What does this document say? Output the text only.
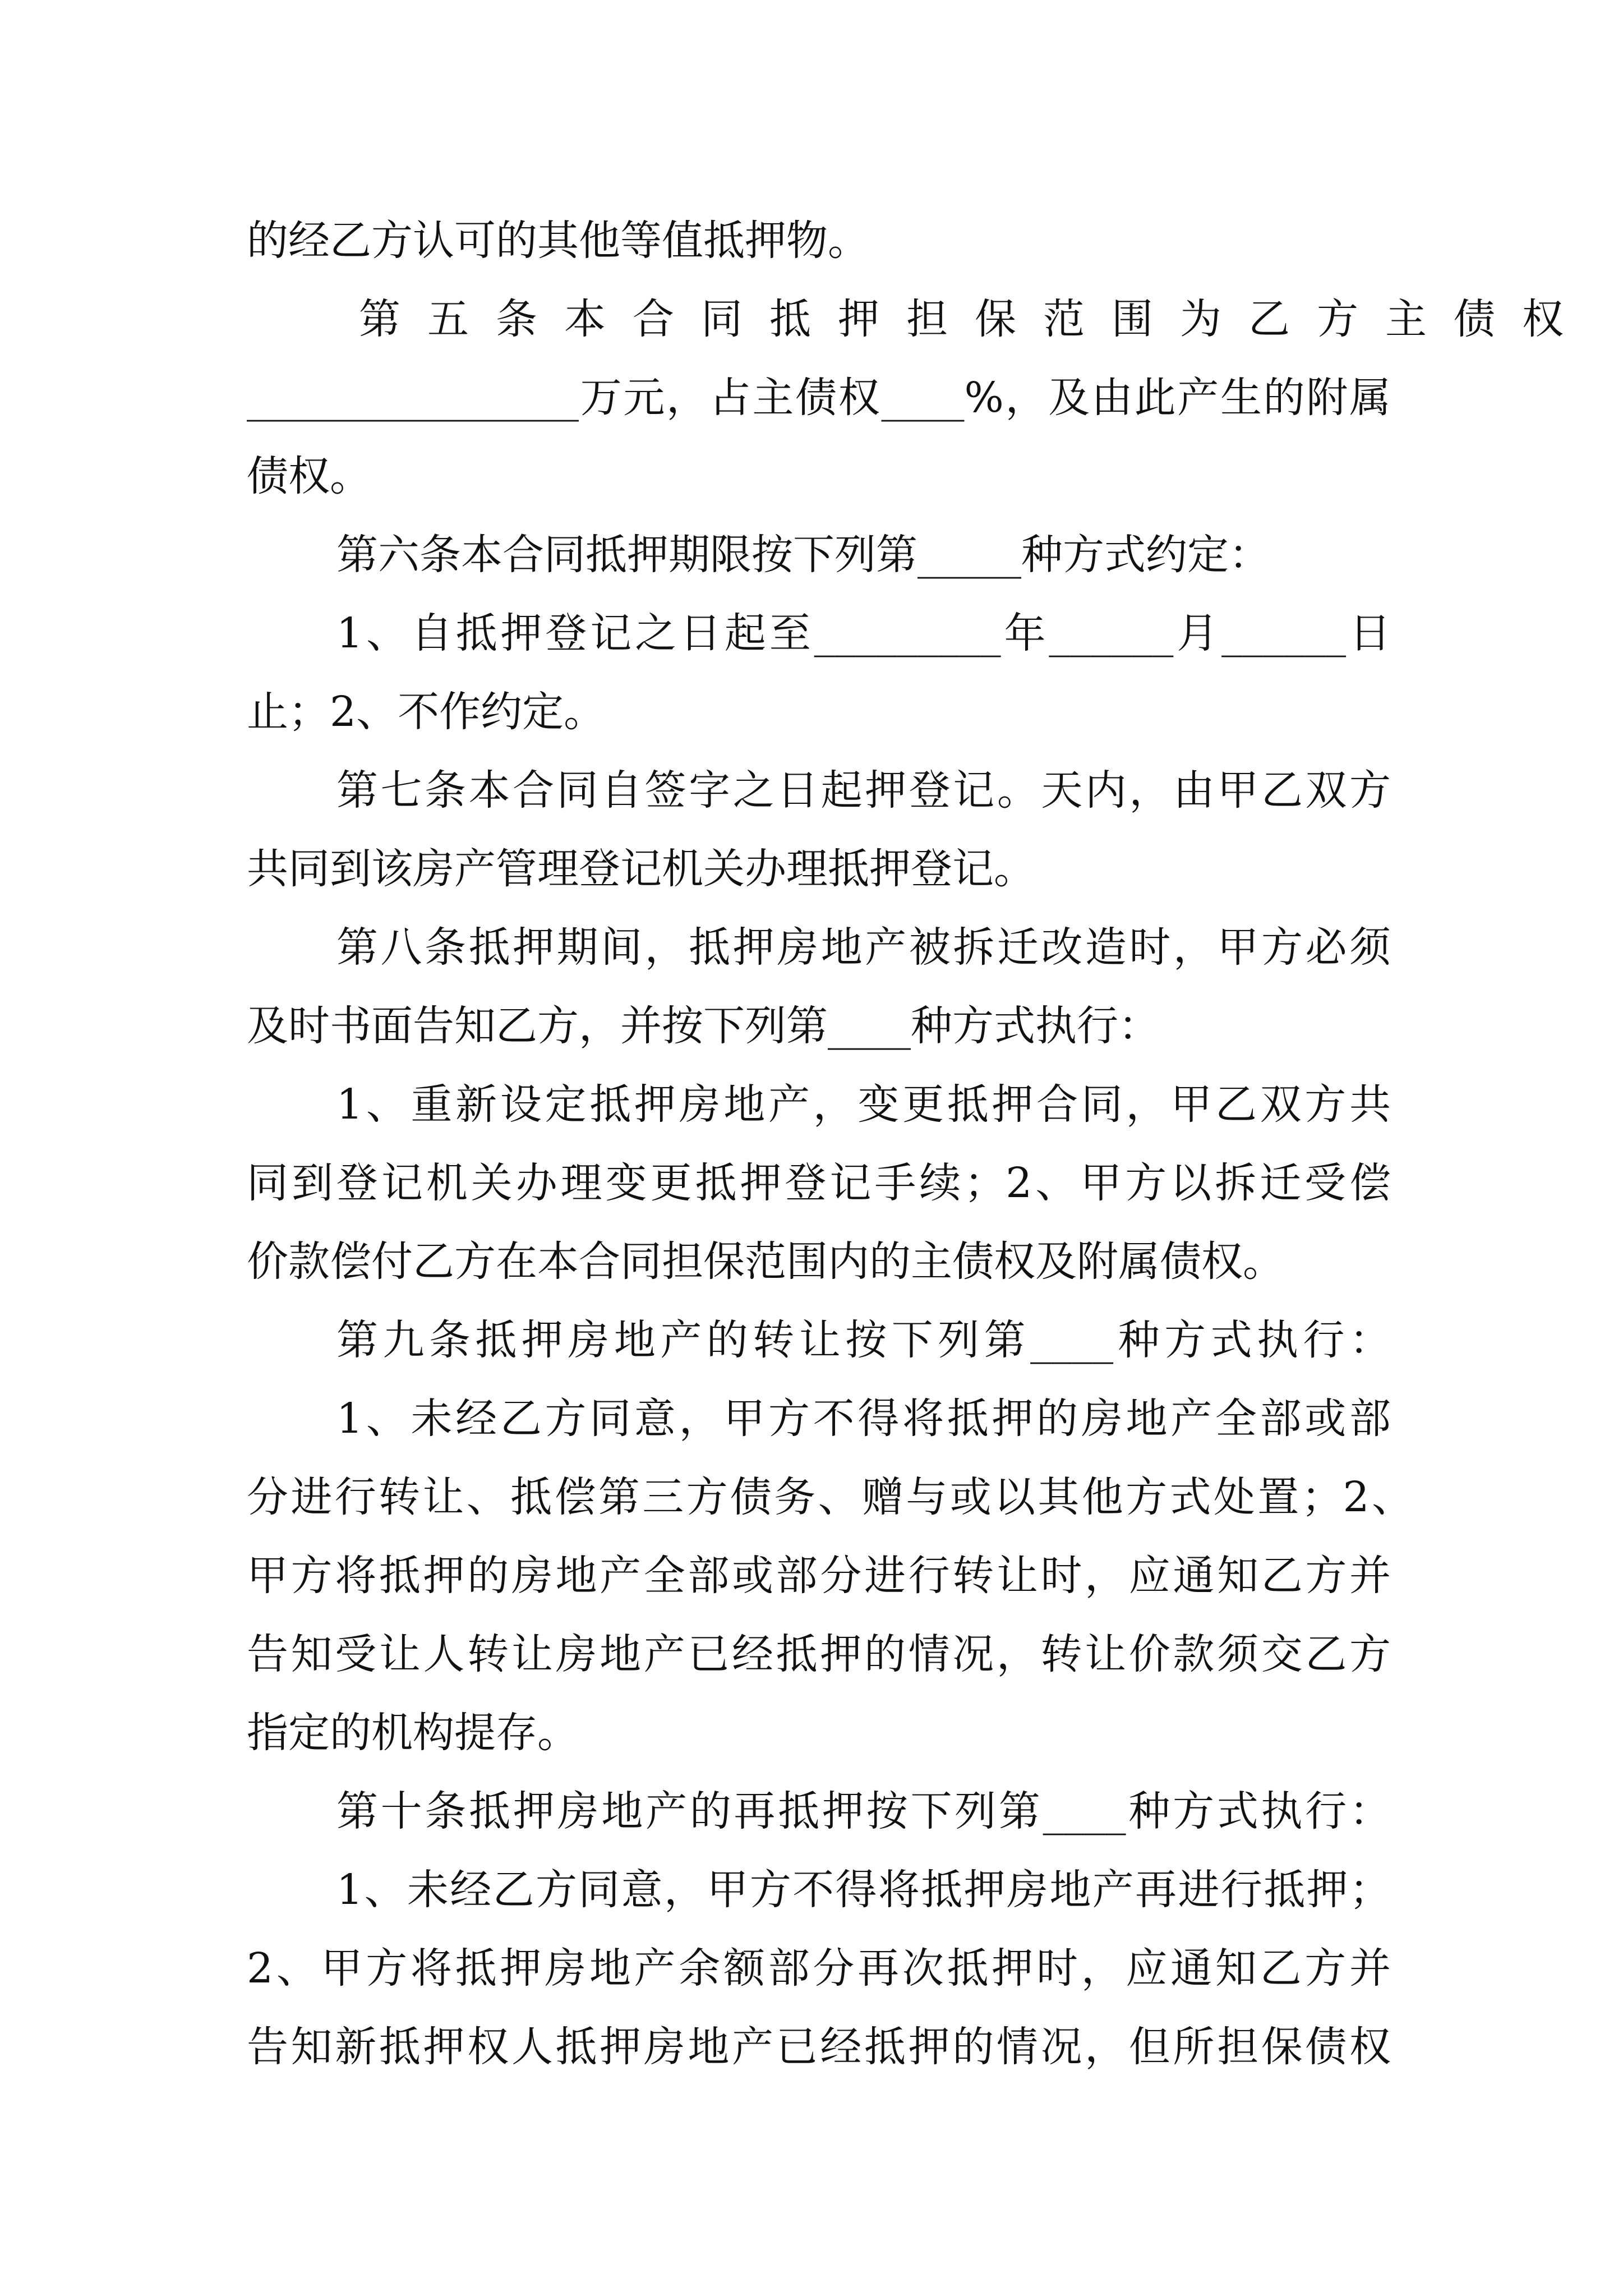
的经乙方认可的其他等值抵押物。

第五条本合同抵押担保范围为乙方主债权

________________万元，占主债权____%，及由此产生的附属

债权。

第六条本合同抵押期限按下列第_____种方式约定：

1、自抵押登记之日起至_________年______月______日

止；2、不作约定。

第七条本合同自签字之日起押登记。天内，由甲乙双方

共同到该房产管理登记机关办理抵押登记。

第八条抵押期间，抵押房地产被拆迁改造时，甲方必须

及时书面告知乙方，并按下列第____种方式执行：

1、重新设定抵押房地产，变更抵押合同，甲乙双方共

同到登记机关办理变更抵押登记手续；2、甲方以拆迁受偿

价款偿付乙方在本合同担保范围内的主债权及附属债权。

第九条抵押房地产的转让按下列第____种方式执行：

1、未经乙方同意，甲方不得将抵押的房地产全部或部

分进行转让、抵偿第三方债务、赠与或以其他方式处置；2、

甲方将抵押的房地产全部或部分进行转让时，应通知乙方并

告知受让人转让房地产已经抵押的情况，转让价款须交乙方

指定的机构提存。

第十条抵押房地产的再抵押按下列第____种方式执行：

1、未经乙方同意，甲方不得将抵押房地产再进行抵押；

2、甲方将抵押房地产余额部分再次抵押时，应通知乙方并

告知新抵押权人抵押房地产已经抵押的情况，但所担保债权
